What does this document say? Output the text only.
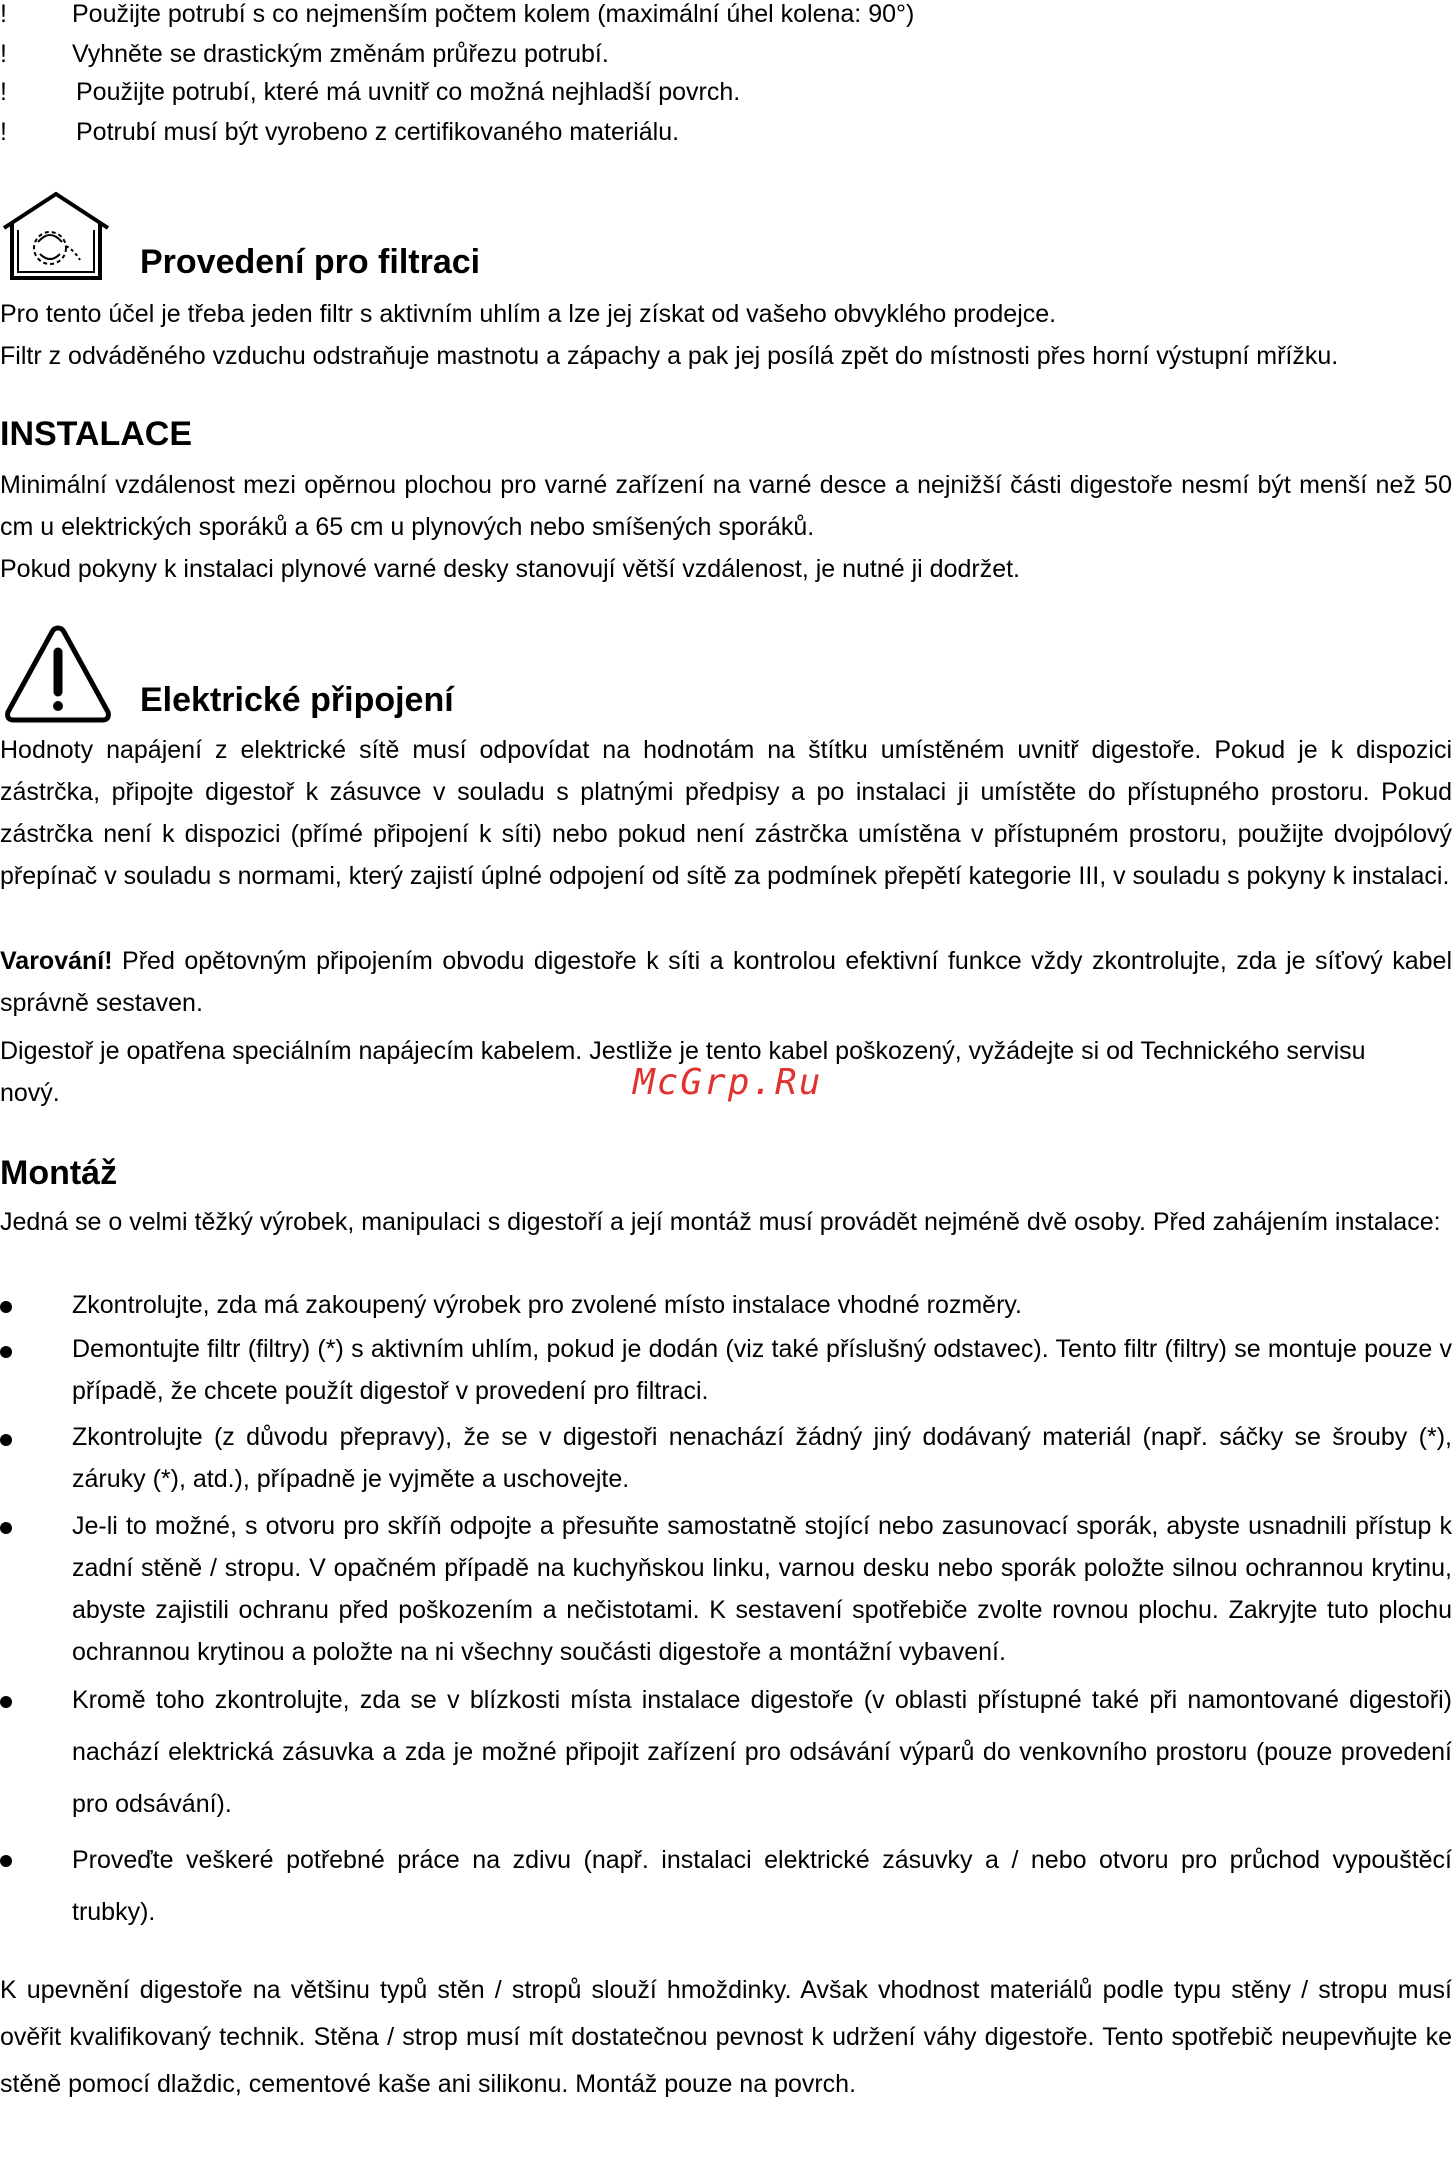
!	Použijte potrubí s co nejmenším počtem kolem (maximální úhel kolena: 90°)
!	Vyhněte se drastickým změnám průřezu potrubí.
!	Použijte potrubí, které má uvnitř co možná nejhladší povrch.
!	Potrubí musí být vyrobeno z certifikovaného materiálu.
Provedení pro filtraci

Pro tento účel je třeba jeden filtr s aktivním uhlím a lze jej získat od vašeho obvyklého prodejce.

Filtr z odváděného vzduchu odstraňuje mastnotu a zápachy a pak jej posílá zpět do místnosti přes horní výstupní mřížku.

INSTALACE

Minimální vzdálenost mezi opěrnou plochou pro varné zařízení na varné desce a nejnižší části digestoře nesmí být menší než 50 cm u elektrických sporáků a 65 cm u plynových nebo smíšených sporáků.

Pokud pokyny k instalaci plynové varné desky stanovují větší vzdálenost, je nutné ji dodržet.

Elektrické připojení

Hodnoty napájení z elektrické sítě musí odpovídat na hodnotám na štítku umístěném uvnitř digestoře. Pokud je k dispozici zástrčka, připojte digestoř k zásuvce v souladu s platnými předpisy a po instalaci ji umístěte do přístupného prostoru. Pokud zástrčka není k dispozici (přímé připojení k síti) nebo pokud není zástrčka umístěna v přístupném prostoru, použijte dvojpólový přepínač v souladu s normami, který zajistí úplné odpojení od sítě za podmínek přepětí kategorie III, v souladu s pokyny k instalaci.

Varování! Před opětovným připojením obvodu digestoře k síti a kontrolou efektivní funkce vždy zkontrolujte, zda je síťový kabel správně sestaven.

Digestoř je opatřena speciálním napájecím kabelem. Jestliže je tento kabel poškozený, vyžádejte si od Technického servisu nový.	McGrp.Ru
Montáž

Jedná se o velmi těžký výrobek, manipulaci s digestoří a její montáž musí provádět nejméně dvě osoby. Před zahájením instalace:

Zkontrolujte, zda má zakoupený výrobek pro zvolené místo instalace vhodné rozměry.

Demontujte filtr (filtry) (*) s aktivním uhlím, pokud je dodán (viz také příslušný odstavec). Tento filtr (filtry) se montuje pouze v případě, že chcete použít digestoř v provedení pro filtraci.

Zkontrolujte (z důvodu přepravy), že se v digestoři nenachází žádný jiný dodávaný materiál (např. sáčky se šrouby (*), záruky (*), atd.), případně je vyjměte a uschovejte.

Je-li to možné, s otvoru pro skříň odpojte a přesuňte samostatně stojící nebo zasunovací sporák, abyste usnadnili přístup k zadní stěně / stropu. V opačném případě na kuchyňskou linku, varnou desku nebo sporák položte silnou ochrannou krytinu, abyste zajistili ochranu před poškozením a nečistotami. K sestavení spotřebiče zvolte rovnou plochu. Zakryjte tuto plochu ochrannou krytinou a položte na ni všechny součásti digestoře a montážní vybavení.

Kromě toho zkontrolujte, zda se v blízkosti místa instalace digestoře (v oblasti přístupné také při namontované digestoři) nachází elektrická zásuvka a zda je možné připojit zařízení pro odsávání výparů do venkovního prostoru (pouze provedení pro odsávání).

Proveďte veškeré potřebné práce na zdivu (např. instalaci elektrické zásuvky a / nebo otvoru pro průchod vypouštěcí trubky).

K upevnění digestoře na většinu typů stěn / stropů slouží hmoždinky. Avšak vhodnost materiálů podle typu stěny / stropu musí ověřit kvalifikovaný technik. Stěna / strop musí mít dostatečnou pevnost k udržení váhy digestoře. Tento spotřebič neupevňujte ke stěně pomocí dlaždic, cementové kaše ani silikonu. Montáž pouze na povrch.
